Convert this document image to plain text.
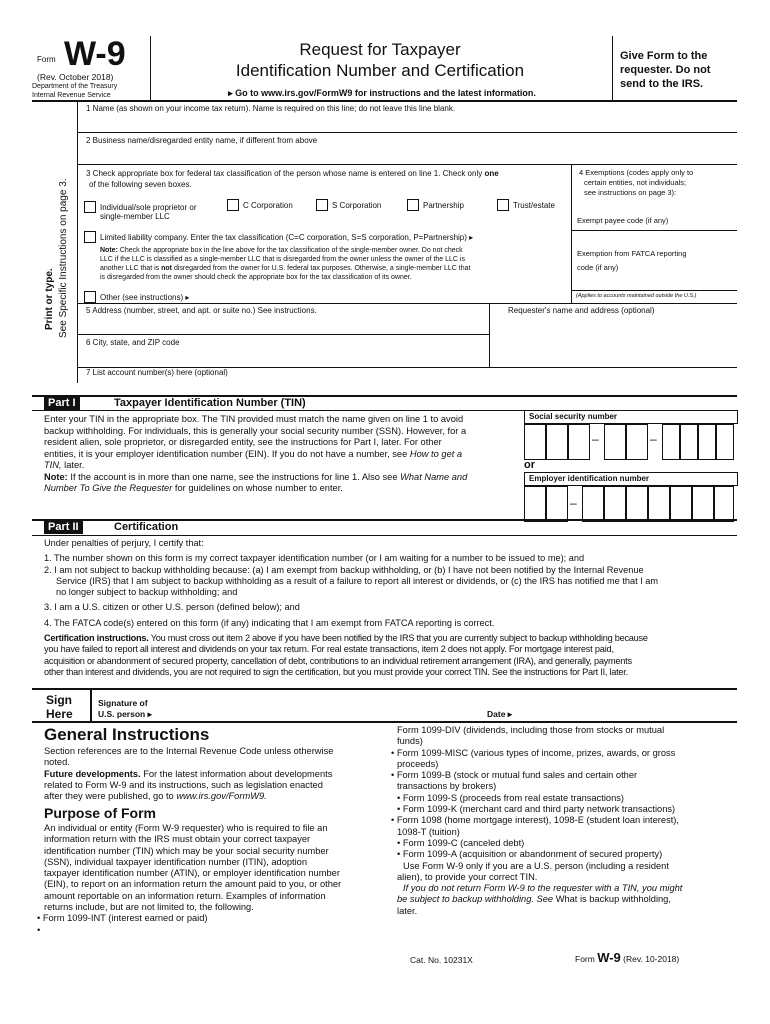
Form W-9
(Rev. October 2018)
Department of the Treasury
Internal Revenue Service
Request for Taxpayer
Identification Number and Certification
▸ Go to www.irs.gov/FormW9 for instructions and the latest information.
Give Form to the
requester. Do not
send to the IRS.
Print or type. See Specific Instructions on page 3.
1 Name (as shown on your income tax return). Name is required on this line; do not leave this line blank.
2 Business name/disregarded entity name, if different from above
3 Check appropriate box for federal tax classification of the person whose name is entered on line 1. Check only one
of the following seven boxes.
Individual/sole proprietor or
single-member LLC
C Corporation	S Corporation	Partnership	Trust/estate
Limited liability company. Enter the tax classification (C=C corporation, S=S corporation, P=Partnership) ▸
Note: Check the appropriate box in the line above for the tax classification of the single-member owner. Do not check
LLC if the LLC is classified as a single-member LLC that is disregarded from the owner unless the owner of the LLC is
another LLC that is not disregarded from the owner for U.S. federal tax purposes. Otherwise, a single-member LLC that
is disregarded from the owner should check the appropriate box for the tax classification of its owner.
Other (see instructions) ▸
4 Exemptions (codes apply only to
certain entities, not individuals;
see instructions on page 3):
Exempt payee code (if any)
Exemption from FATCA reporting
code (if any)
(Applies to accounts maintained outside the U.S.)
5 Address (number, street, and apt. or suite no.) See instructions.	Requester's name and address (optional)
6 City, state, and ZIP code
7 List account number(s) here (optional)
Part I	Taxpayer Identification Number (TIN)

Enter your TIN in the appropriate box. The TIN provided must match the name given on line 1 to avoid

backup withholding. For individuals, this is generally your social security number (SSN). However, for a

resident alien, sole proprietor, or disregarded entity, see the instructions for Part I, later. For other

entities, it is your employer identification number (EIN). If you do not have a number, see How to get a

TIN, later.

Note: If the account is in more than one name, see the instructions for line 1. Also see What Name and

Number To Give the Requester for guidelines on whose number to enter.

Social security number
–	–
or
Employer identification number
–
Part II	Certification

Under penalties of perjury, I certify that:

1. The number shown on this form is my correct taxpayer identification number (or I am waiting for a number to be issued to me); and

2. I am not subject to backup withholding because: (a) I am exempt from backup withholding, or (b) I have not been notified by the Internal Revenue

Service (IRS) that I am subject to backup withholding as a result of a failure to report all interest or dividends, or (c) the IRS has notified me that I am

no longer subject to backup withholding; and

3. I am a U.S. citizen or other U.S. person (defined below); and

4. The FATCA code(s) entered on this form (if any) indicating that I am exempt from FATCA reporting is correct.

Certification instructions. You must cross out item 2 above if you have been notified by the IRS that you are currently subject to backup withholding because

you have failed to report all interest and dividends on your tax return. For real estate transactions, item 2 does not apply. For mortgage interest paid,

acquisition or abandonment of secured property, cancellation of debt, contributions to an individual retirement arrangement (IRA), and generally, payments

other than interest and dividends, you are not required to sign the certification, but you must provide your correct TIN. See the instructions for Part II, later.

Sign
Here
Signature of
U.S. person ▸	Date ▸
General Instructions

Section references are to the Internal Revenue Code unless otherwise

noted.

Future developments. For the latest information about developments

related to Form W-9 and its instructions, such as legislation enacted

after they were published, go to www.irs.gov/FormW9.

Purpose of Form

An individual or entity (Form W-9 requester) who is required to file an

information return with the IRS must obtain your correct taxpayer

identification number (TIN) which may be your social security number

(SSN), individual taxpayer identification number (ITIN), adoption

taxpayer identification number (ATIN), or employer identification number

(EIN), to report on an information return the amount paid to you, or other

amount reportable on an information return. Examples of information

returns include, but are not limited to, the following.

• Form 1099-INT (interest earned or paid)

•

Form 1099-DIV (dividends, including those from stocks or mutual

funds)

• Form 1099-MISC (various types of income, prizes, awards, or gross

proceeds)

• Form 1099-B (stock or mutual fund sales and certain other

transactions by brokers)

• Form 1099-S (proceeds from real estate transactions)

• Form 1099-K (merchant card and third party network transactions)

• Form 1098 (home mortgage interest), 1098-E (student loan interest),

1098-T (tuition)

• Form 1099-C (canceled debt)

• Form 1099-A (acquisition or abandonment of secured property)

Use Form W-9 only if you are a U.S. person (including a resident

alien), to provide your correct TIN.

If you do not return Form W-9 to the requester with a TIN, you might

be subject to backup withholding. See What is backup withholding,

later.

Cat. No. 10231X	Form W-9 (Rev. 10-2018)
